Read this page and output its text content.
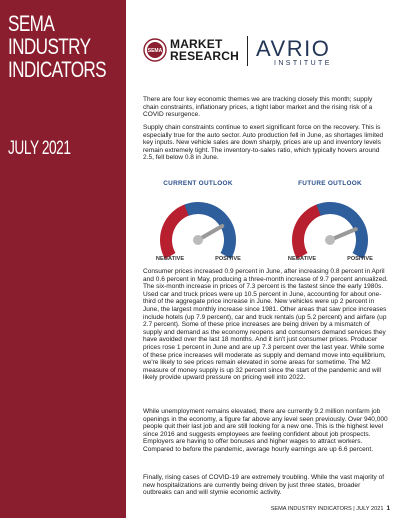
SEMA
INDUSTRY
INDICATORS
JULY 2021
SEMA MARKET
RESEARCH AVRIO
INSTITUTE

There are four key economic themes we are tracking closely this month; supply chain constraints, inflationary prices, a tight labor market and the rising risk of a COVID resurgence.

Supply chain constraints continue to exert significant force on the recovery. This is especially true for the auto sector. Auto production fell in June, as shortages limited key inputs. New vehicle sales are down sharply, prices are up and inventory levels remain extremely tight. The inventory-to-sales ratio, which typically hovers around 2.5, fell below 0.8 in June.

CURRENT OUTLOOK	FUTURE OUTLOOK
NEGATIVE	POSITIVE	NEGATIVE	POSITIVE

Consumer prices increased 0.9 percent in June, after increasing 0.8 percent in April and 0.6 percent in May, producing a three-month increase of 9.7 percent annualized. The six-month increase in prices of 7.3 percent is the fastest since the early 1980s. Used car and truck prices were up 10.5 percent in June, accounting for about one-third of the aggregate price increase in June. New vehicles were up 2 percent in June, the largest monthly increase since 1981. Other areas that saw price increases include hotels (up 7.9 percent), car and truck rentals (up 5.2 percent) and airfare (up 2.7 percent). Some of these price increases are being driven by a mismatch of supply and demand as the economy reopens and consumers demand services they have avoided over the last 18 months. And it isn't just consumer prices. Producer prices rose 1 percent in June and are up 7.3 percent over the last year. While some of these price increases will moderate as supply and demand move into equilibrium, we're likely to see prices remain elevated in some areas for sometime. The M2 measure of money supply is up 32 percent since the start of the pandemic and will likely provide upward pressure on pricing well into 2022.

While unemployment remains elevated, there are currently 9.2 million nonfarm job openings in the economy, a figure far above any level seen previously. Over 940,000 people quit their last job and are still looking for a new one. This is the highest level since 2016 and suggests employees are feeling confident about job prospects. Employers are having to offer bonuses and higher wages to attract workers. Compared to before the pandemic, average hourly earnings are up 6.6 percent.

Finally, rising cases of COVID-19 are extremely troubling. While the vast majority of new hospitalizations are currently being driven by just three states, broader outbreaks can and will stymie economic activity.

SEMA INDUSTRY INDICATORS | JULY 2021 1
